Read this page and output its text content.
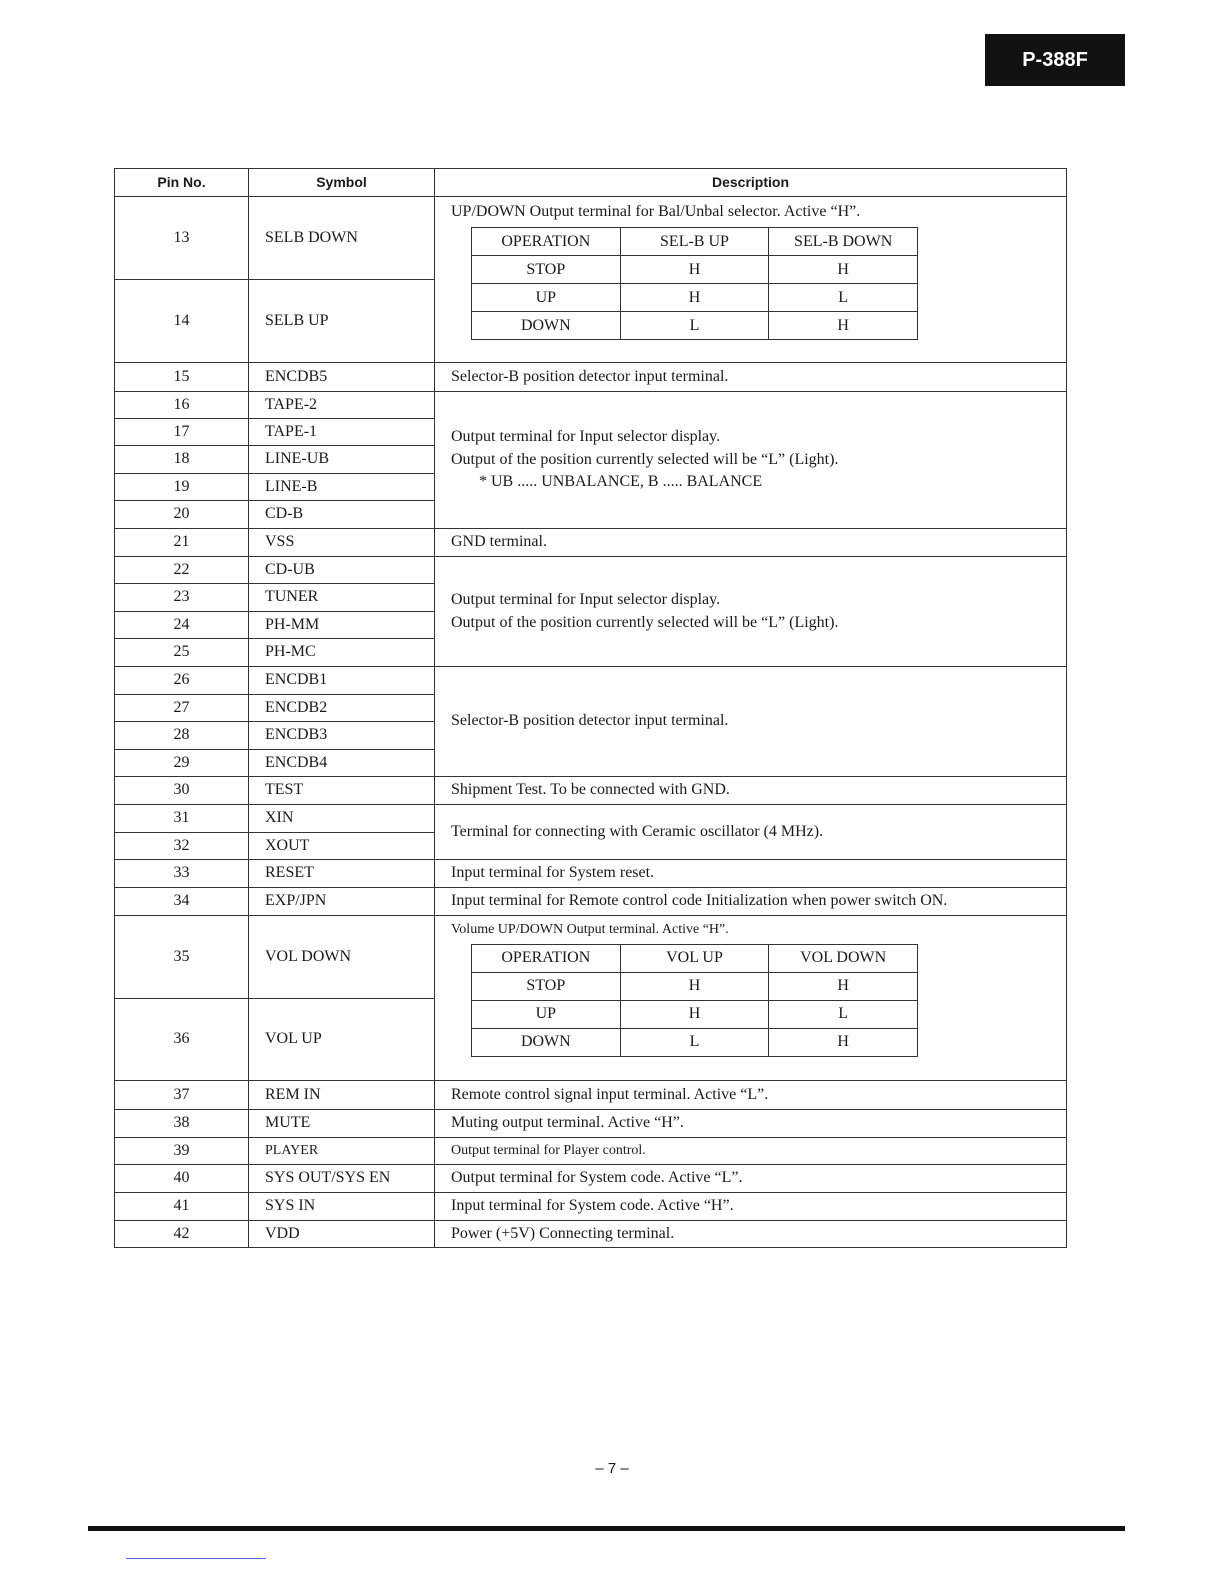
P-388F
Pin No.	Symbol	Description
13	SELB DOWN	

UP/DOWN Output terminal for Bal/Unbal selector. Active “H”.

OPERATION	SEL-B UP	SEL-B DOWN
STOP	H	H
UP	H	L
DOWN	L	H

14	SELB UP
15	ENCDB5	Selector-B position detector input terminal.
16	TAPE-2	

Output terminal for Input selector display.

Output of the position currently selected will be “L” (Light).

* UB ..... UNBALANCE, B ..... BALANCE

17	TAPE-1
18	LINE-UB
19	LINE-B
20	CD-B
21	VSS	GND terminal.
22	CD-UB	

Output terminal for Input selector display.

Output of the position currently selected will be “L” (Light).

23	TUNER
24	PH-MM
25	PH-MC
26	ENCDB1	Selector-B position detector input terminal.
27	ENCDB2
28	ENCDB3
29	ENCDB4
30	TEST	Shipment Test. To be connected with GND.
31	XIN	Terminal for connecting with Ceramic oscillator (4 MHz).
32	XOUT
33	RESET	Input terminal for System reset.
34	EXP/JPN	Input terminal for Remote control code Initialization when power switch ON.
35	VOL DOWN	

Volume UP/DOWN Output terminal. Active “H”.

OPERATION	VOL UP	VOL DOWN
STOP	H	H
UP	H	L
DOWN	L	H

36	VOL UP
37	REM IN	Remote control signal input terminal. Active “L”.
38	MUTE	Muting output terminal. Active “H”.
39	PLAYER	Output terminal for Player control.
40	SYS OUT/SYS EN	Output terminal for System code. Active “L”.
41	SYS IN	Input terminal for System code. Active “H”.
42	VDD	Power (+5V) Connecting terminal.
– 7 –
